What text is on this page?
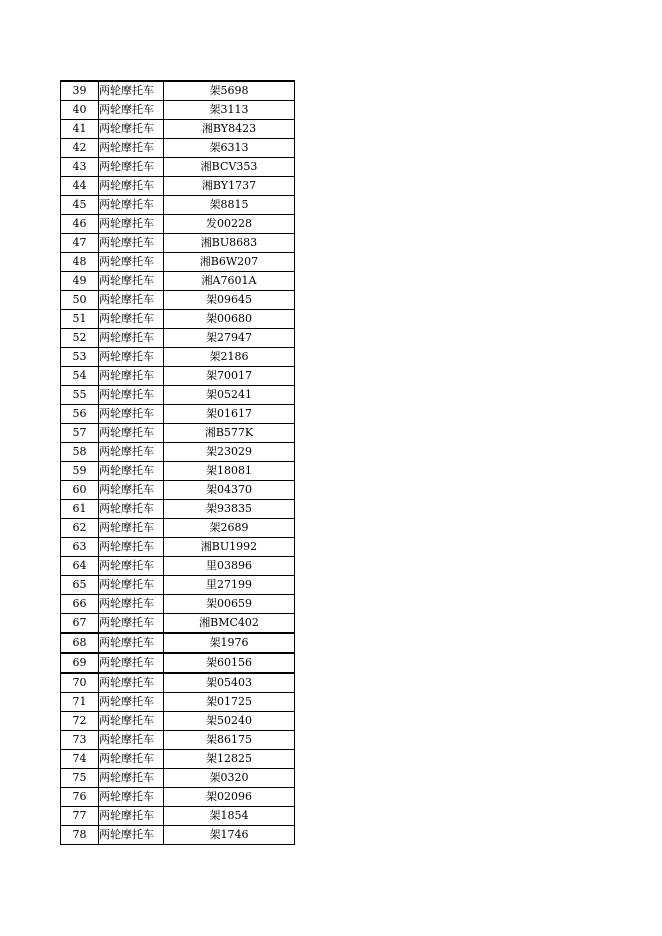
39	两轮摩托车	架5698
40	两轮摩托车	架3113
41	两轮摩托车	湘BY8423
42	两轮摩托车	架6313
43	两轮摩托车	湘BCV353
44	两轮摩托车	湘BY1737
45	两轮摩托车	架8815
46	两轮摩托车	发00228
47	两轮摩托车	湘BU8683
48	两轮摩托车	湘B6W207
49	两轮摩托车	湘A7601A
50	两轮摩托车	架09645
51	两轮摩托车	架00680
52	两轮摩托车	架27947
53	两轮摩托车	架2186
54	两轮摩托车	架70017
55	两轮摩托车	架05241
56	两轮摩托车	架01617
57	两轮摩托车	湘B577K
58	两轮摩托车	架23029
59	两轮摩托车	架18081
60	两轮摩托车	架04370
61	两轮摩托车	架93835
62	两轮摩托车	架2689
63	两轮摩托车	湘BU1992
64	两轮摩托车	里03896
65	两轮摩托车	里27199
66	两轮摩托车	架00659
67	两轮摩托车	湘BMC402
68	两轮摩托车	架1976
69	两轮摩托车	架60156
70	两轮摩托车	架05403
71	两轮摩托车	架01725
72	两轮摩托车	架50240
73	两轮摩托车	架86175
74	两轮摩托车	架12825
75	两轮摩托车	架0320
76	两轮摩托车	架02096
77	两轮摩托车	架1854
78	两轮摩托车	架1746
